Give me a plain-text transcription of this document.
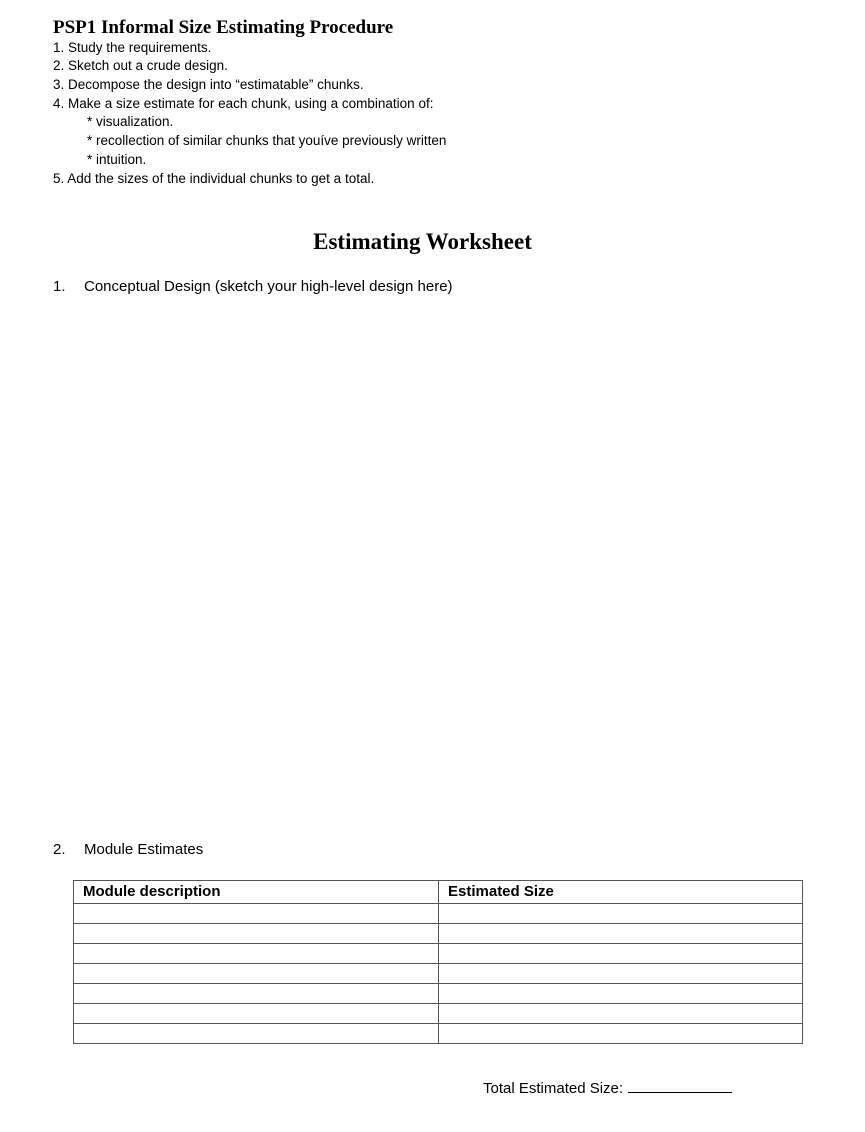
PSP1 Informal Size Estimating Procedure
1. Study the requirements.
2. Sketch out a crude design.
3. Decompose the design into “estimatable” chunks.
4. Make a size estimate for each chunk, using a combination of:
* visualization.
* recollection of similar chunks that youíve previously written
* intuition.
5. Add the sizes of the individual chunks to get a total.
Estimating Worksheet
1. Conceptual Design (sketch your high-level design here)
2. Module Estimates
Module description	Estimated Size

Total Estimated Size:
